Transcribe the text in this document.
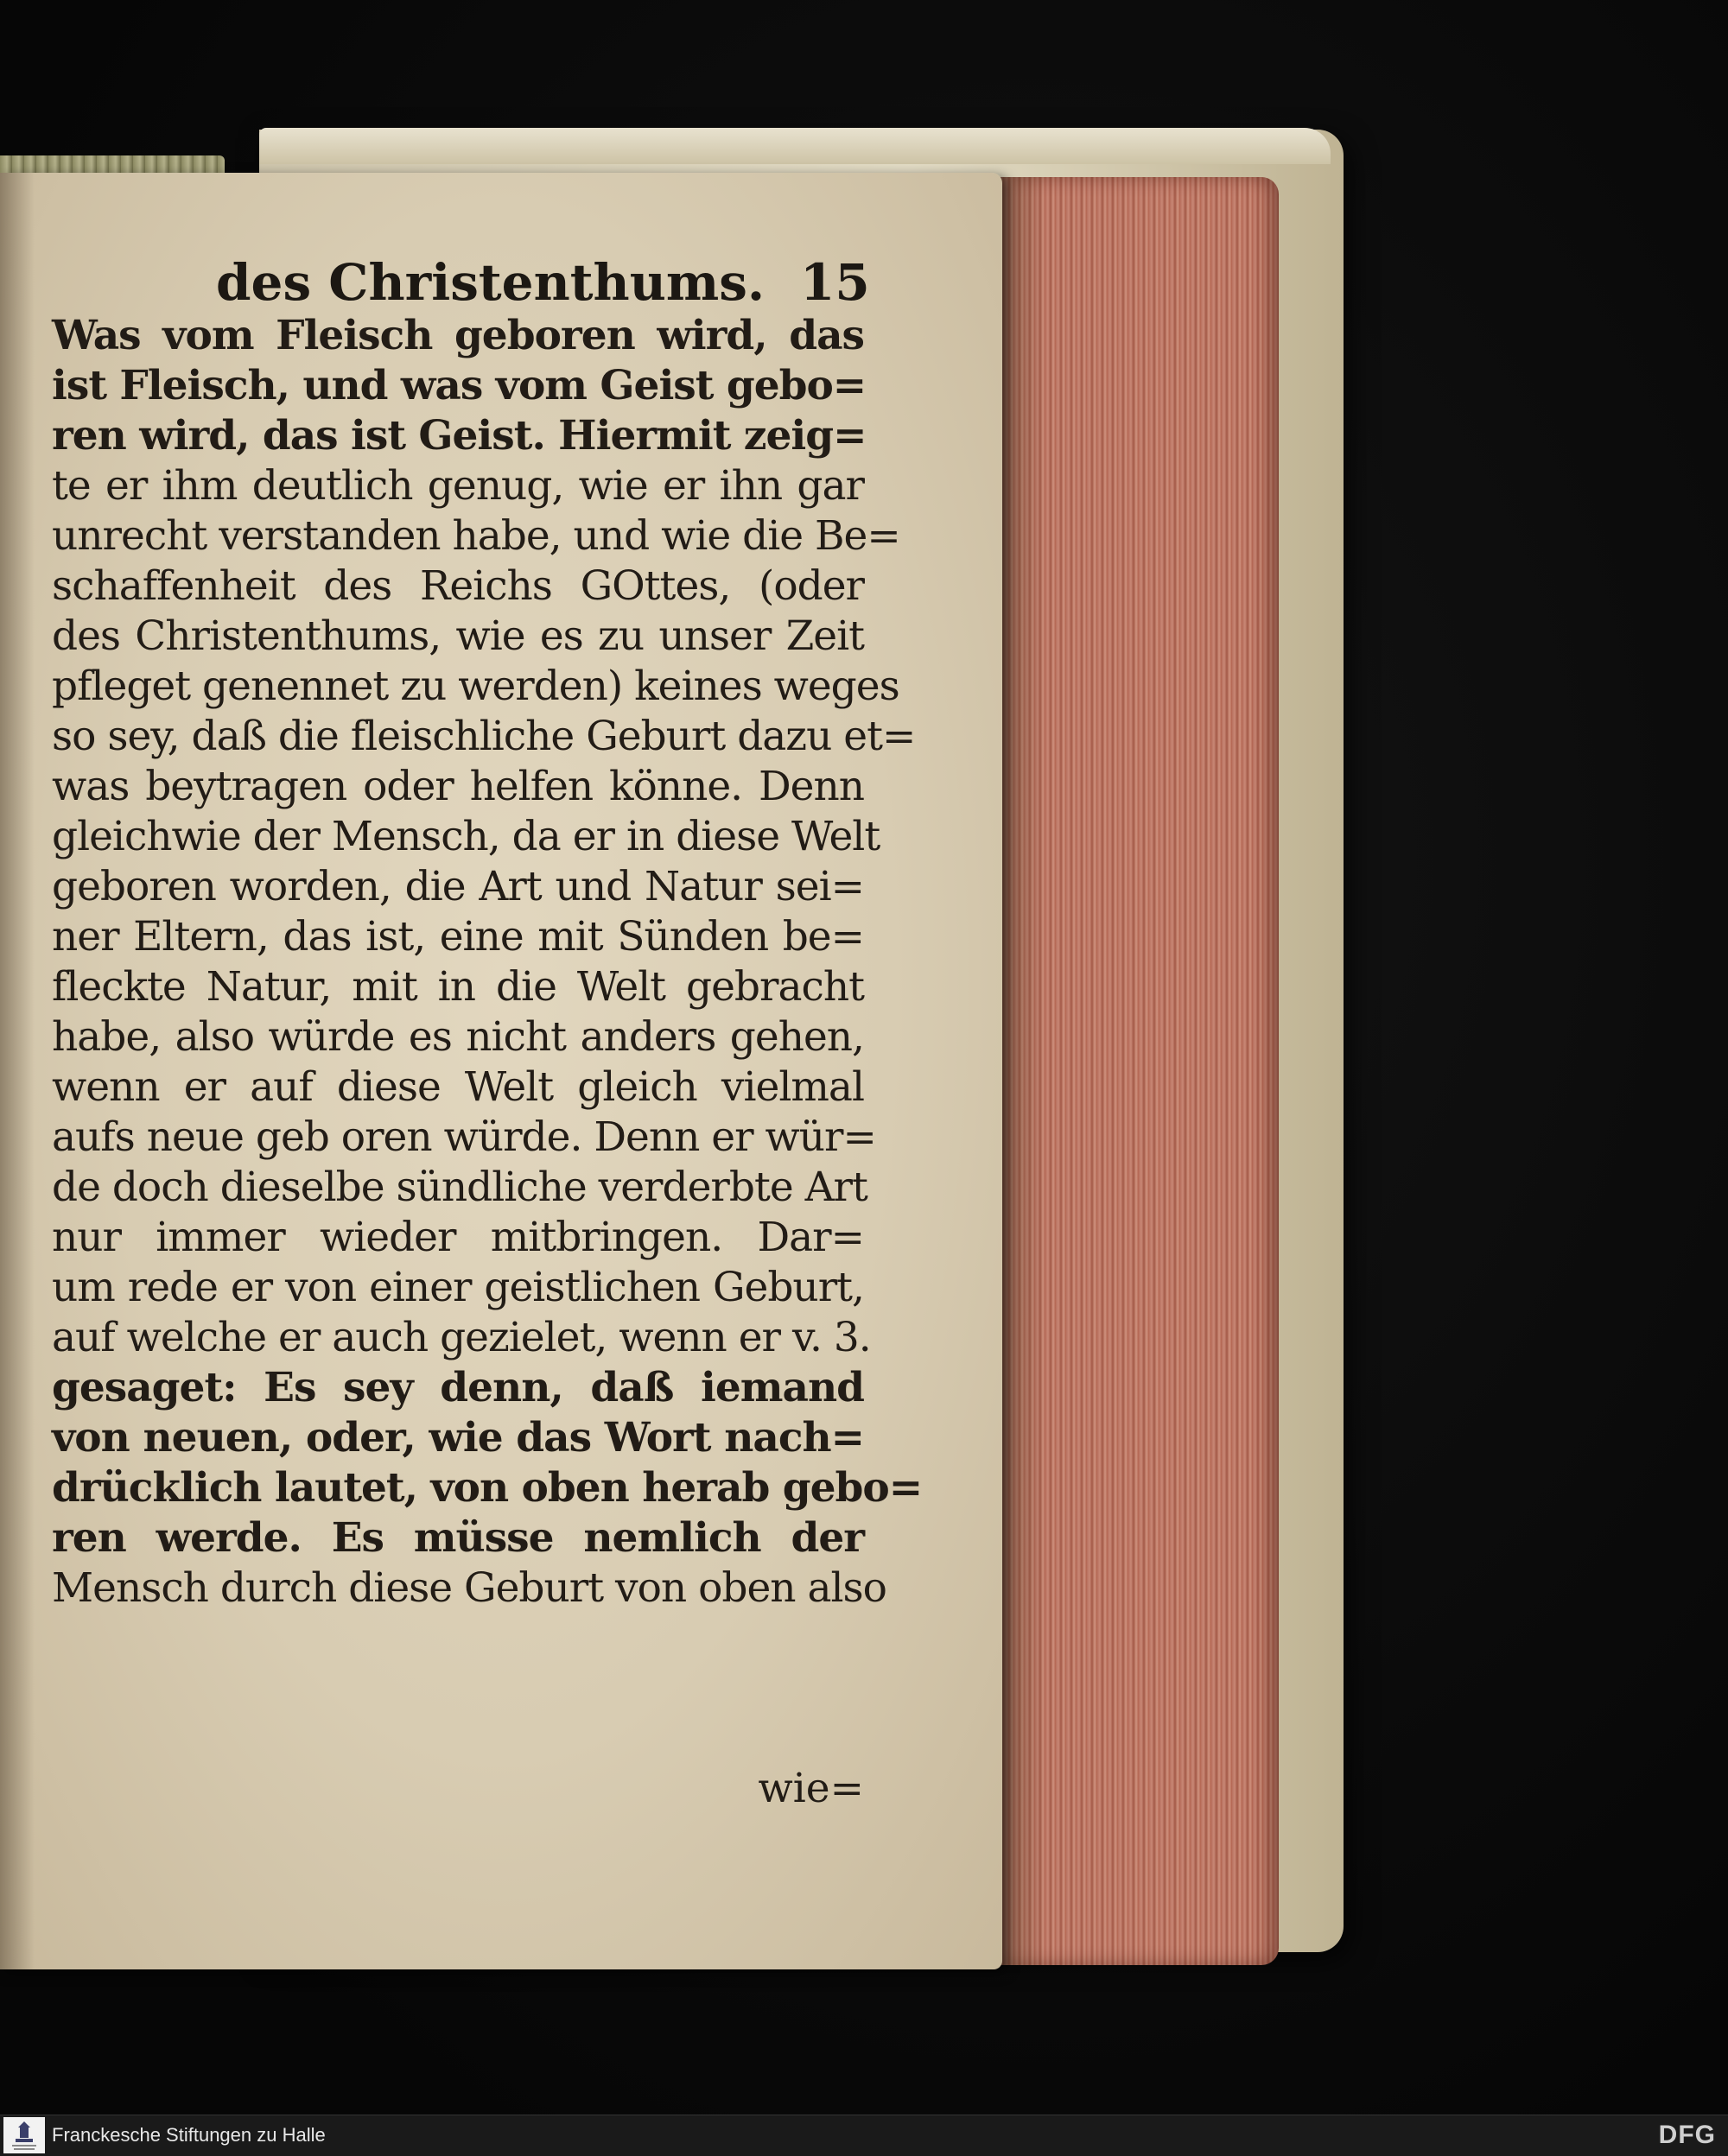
des Christenthums. 15
Was vom Fleisch geboren wird, das
ist Fleisch, und was vom Geist gebo=
ren wird, das ist Geist. Hiermit zeig=
te er ihm deutlich genug, wie er ihn gar
unrecht verstanden habe, und wie die Be=
schaffenheit des Reichs GOttes, (oder
des Christenthums, wie es zu unser Zeit
pfleget genennet zu werden) keines weges
so sey, daß die fleischliche Geburt dazu et=
was beytragen oder helfen könne. Denn
gleichwie der Mensch, da er in diese Welt
geboren worden, die Art und Natur sei=
ner Eltern, das ist, eine mit Sünden be=
fleckte Natur, mit in die Welt gebracht
habe, also würde es nicht anders gehen,
wenn er auf diese Welt gleich vielmal
aufs neue geb oren würde. Denn er wür=
de doch dieselbe sündliche verderbte Art
nur immer wieder mitbringen. Dar=
um rede er von einer geistlichen Geburt,
auf welche er auch gezielet, wenn er v. 3.
gesaget: Es sey denn, daß iemand
von neuen, oder, wie das Wort nach=
drücklich lautet, von oben herab gebo=
ren werde. Es müsse nemlich der
Mensch durch diese Geburt von oben also
wie=
Franckesche Stiftungen zu Halle	DFG
